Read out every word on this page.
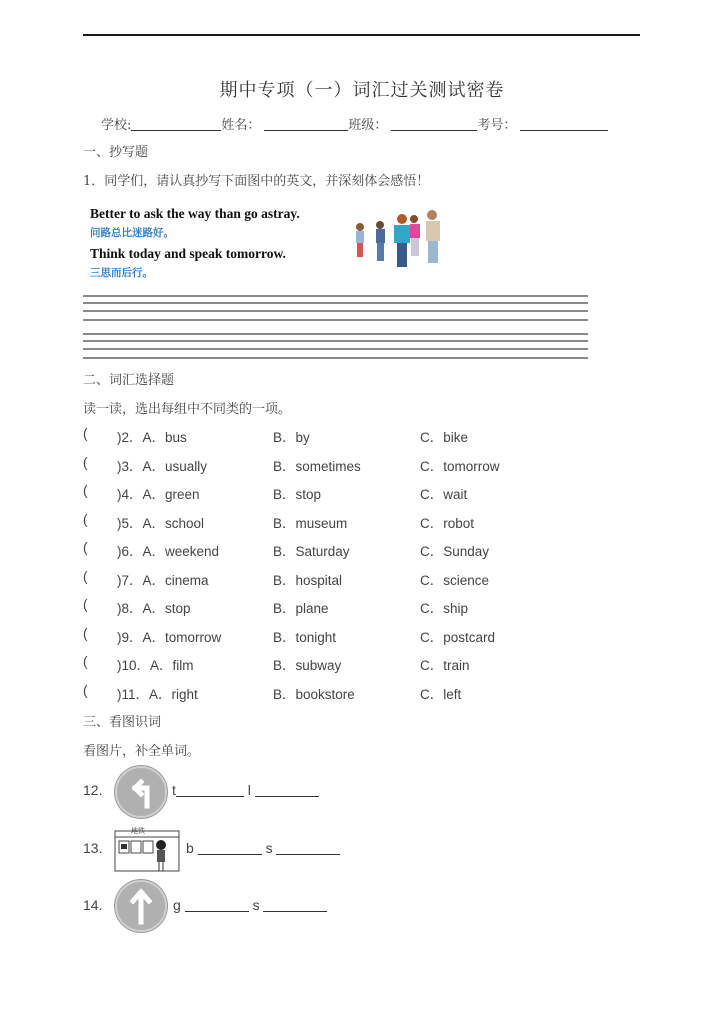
期中专项（一）词汇过关测试密卷
学校:	姓名：	班级：	考号：
一、抄写题
1．同学们，请认真抄写下面图中的英文，并深刻体会感悟！
Better to ask the way than go astray.
问路总比迷路好。
Think today and speak tomorrow.
三思而后行。
二、词汇选择题
读一读，选出每组中不同类的一项。
( )2．A．bus	B．by	C．bike
( )3．A．usually	B．sometimes	C．tomorrow
( )4．A．green	B．stop	C．wait
( )5．A．school	B．museum	C．robot
( )6．A．weekend	B．Saturday	C．Sunday
( )7．A．cinema	B．hospital	C．science
( )8．A．stop	B．plane	C．ship
( )9．A．tomorrow	B．tonight	C．postcard
( )10．A．film	B．subway	C．train
( )11．A．right	B．bookstore	C．left
三、看图识词
看图片，补全单词。
12.	t	l
13.
地铁
b	s
14.	g	s
